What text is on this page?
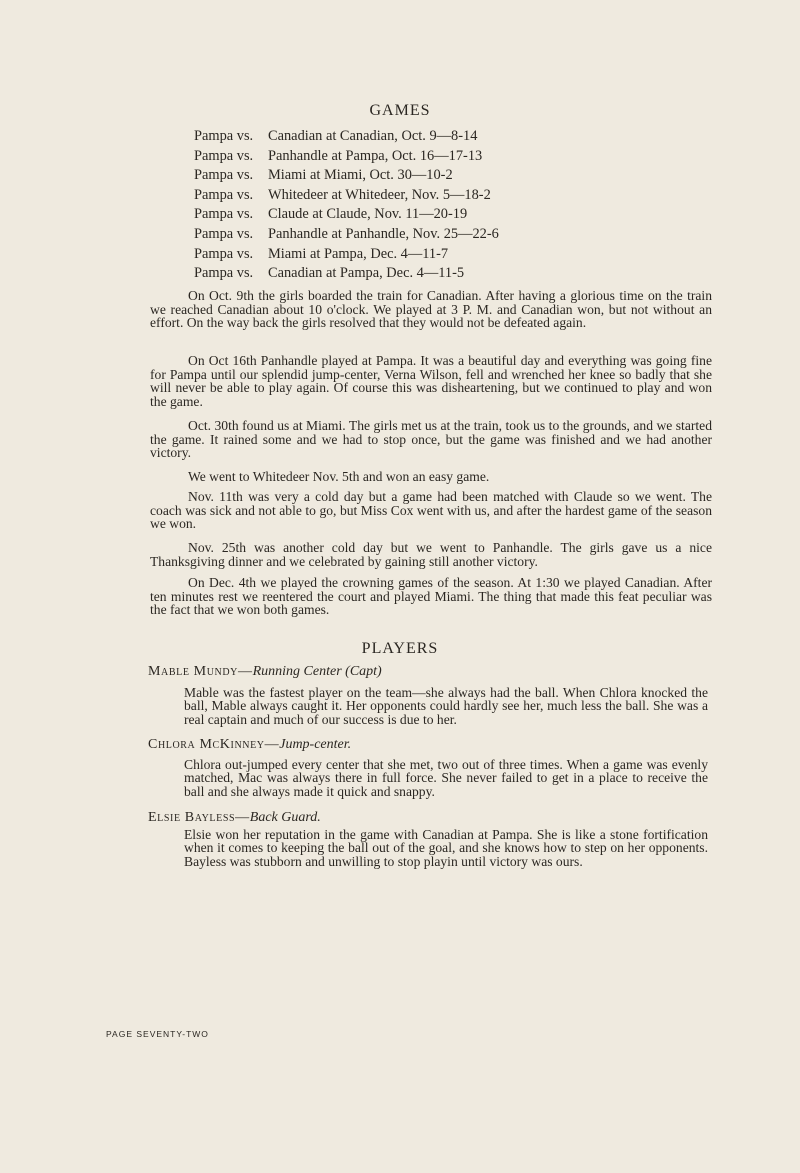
GAMES
Pampa vs. Canadian at Canadian, Oct. 9—8-14
Pampa vs. Panhandle at Pampa, Oct. 16—17-13
Pampa vs. Miami at Miami, Oct. 30—10-2
Pampa vs. Whitedeer at Whitedeer, Nov. 5—18-2
Pampa vs. Claude at Claude, Nov. 11—20-19
Pampa vs. Panhandle at Panhandle, Nov. 25—22-6
Pampa vs. Miami at Pampa, Dec. 4—11-7
Pampa vs. Canadian at Pampa, Dec. 4—11-5

On Oct. 9th the girls boarded the train for Canadian. After having a glorious time on the train we reached Canadian about 10 o'clock. We played at 3 P. M. and Canadian won, but not without an effort. On the way back the girls resolved that they would not be defeated again.

On Oct 16th Panhandle played at Pampa. It was a beautiful day and everything was going fine for Pampa until our splendid jump-center, Verna Wilson, fell and wrenched her knee so badly that she will never be able to play again. Of course this was disheartening, but we continued to play and won the game.

Oct. 30th found us at Miami. The girls met us at the train, took us to the grounds, and we started the game. It rained some and we had to stop once, but the game was finished and we had another victory.

We went to Whitedeer Nov. 5th and won an easy game.

Nov. 11th was very a cold day but a game had been matched with Claude so we went. The coach was sick and not able to go, but Miss Cox went with us, and after the hardest game of the season we won.

Nov. 25th was another cold day but we went to Panhandle. The girls gave us a nice Thanksgiving dinner and we celebrated by gaining still another victory.

On Dec. 4th we played the crowning games of the season. At 1:30 we played Canadian. After ten minutes rest we reentered the court and played Miami. The thing that made this feat peculiar was the fact that we won both games.

PLAYERS

Mable Mundy—Running Center (Capt)

Mable was the fastest player on the team—she always had the ball. When Chlora knocked the ball, Mable always caught it. Her opponents could hardly see her, much less the ball. She was a real captain and much of our success is due to her.

Chlora McKinney—Jump-center.

Chlora out-jumped every center that she met, two out of three times. When a game was evenly matched, Mac was always there in full force. She never failed to get in a place to receive the ball and she always made it quick and snappy.

Elsie Bayless—Back Guard.

Elsie won her reputation in the game with Canadian at Pampa. She is like a stone fortification when it comes to keeping the ball out of the goal, and she knows how to step on her opponents. Bayless was stubborn and unwilling to stop playin until victory was ours.

PAGE SEVENTY-TWO
